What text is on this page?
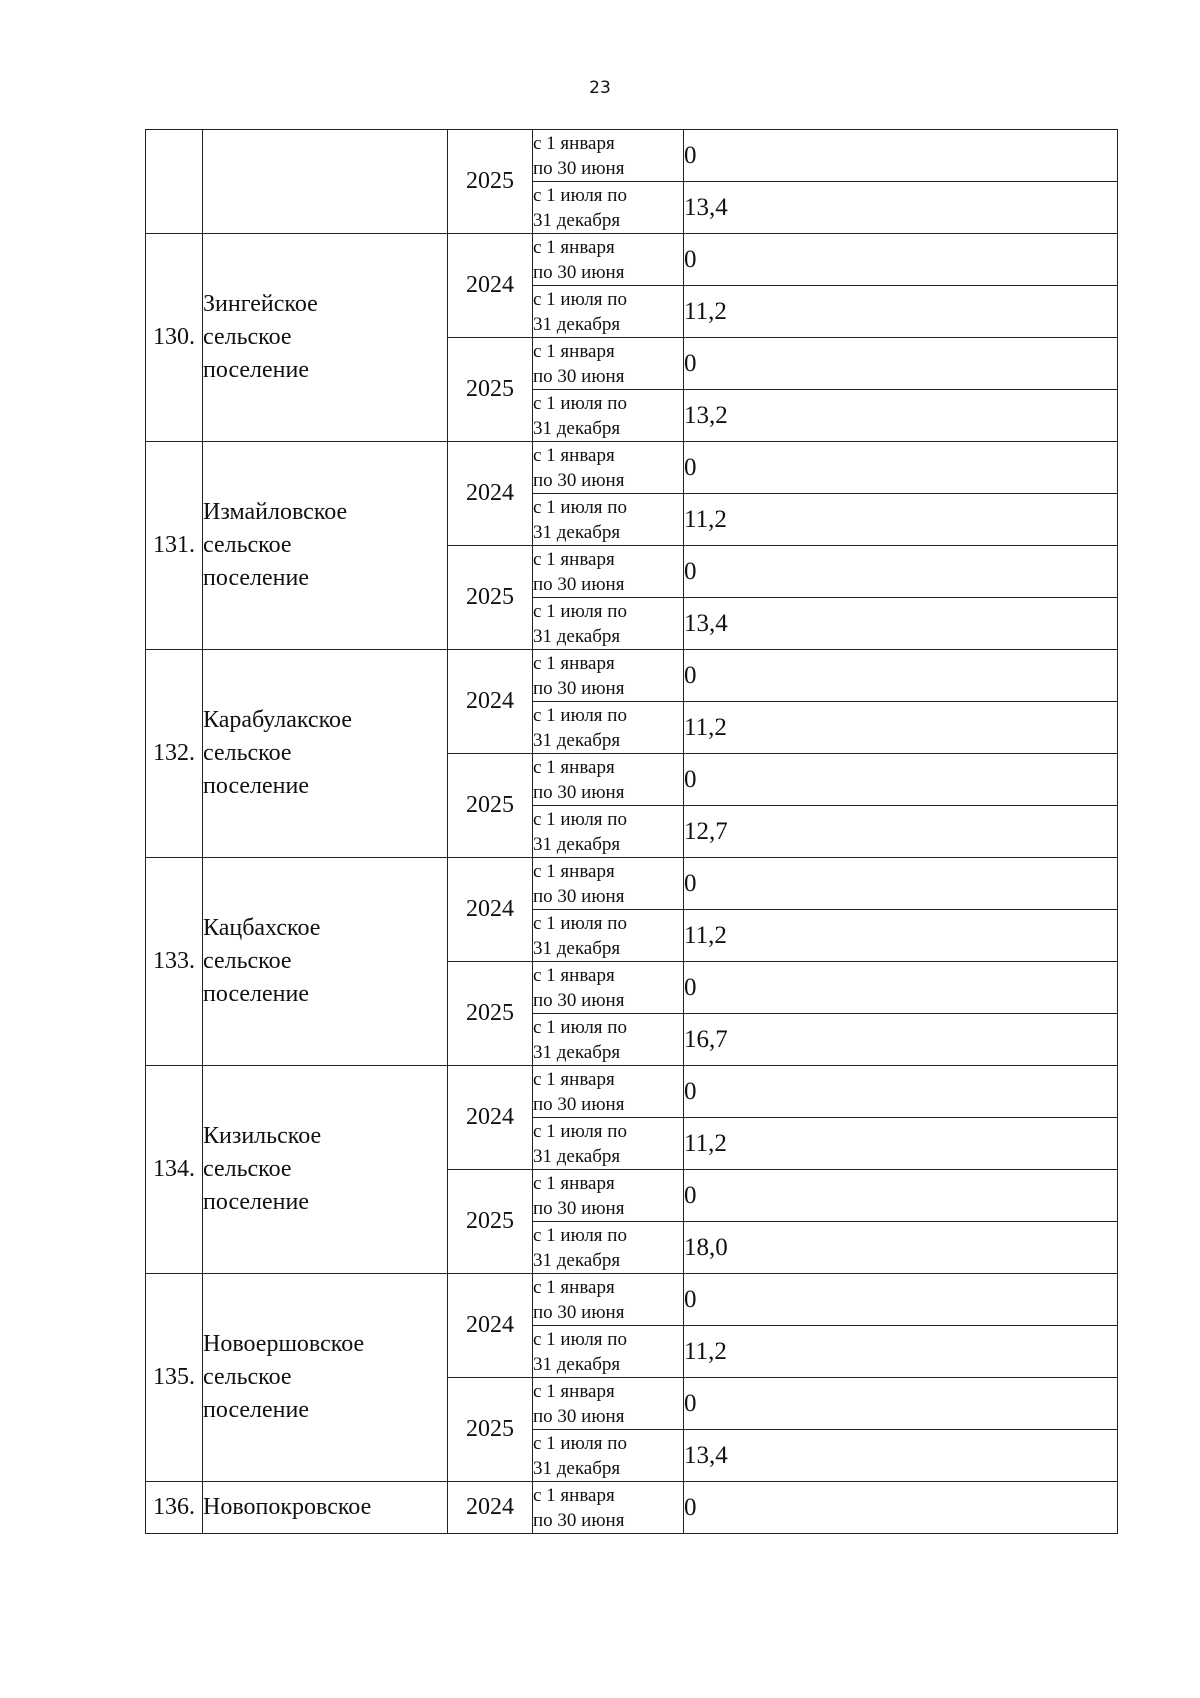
23
		2025	с 1 января
по 30 июня	0

			с 1 июля по
31 декабря	13,4
130.	Зингейское
сельское
поселение	2024	с 1 января
по 30 июня	0

			с 1 июля по
31 декабря	11,2
		2025	с 1 января
по 30 июня	0

			с 1 июля по
31 декабря	13,2
131.	Измайловское
сельское
поселение	2024	с 1 января
по 30 июня	0

			с 1 июля по
31 декабря	11,2
		2025	с 1 января
по 30 июня	0

			с 1 июля по
31 декабря	13,4
132.	Карабулакское
сельское
поселение	2024	с 1 января
по 30 июня	0

			с 1 июля по
31 декабря	11,2
		2025	с 1 января
по 30 июня	0

			с 1 июля по
31 декабря	12,7
133.	Кацбахское
сельское
поселение	2024	с 1 января
по 30 июня	0

			с 1 июля по
31 декабря	11,2
		2025	с 1 января
по 30 июня	0

			с 1 июля по
31 декабря	16,7
134.	Кизильское
сельское
поселение	2024	с 1 января
по 30 июня	0

			с 1 июля по
31 декабря	11,2
		2025	с 1 января
по 30 июня	0

			с 1 июля по
31 декабря	18,0
135.	Новоершовское
сельское
поселение	2024	с 1 января
по 30 июня	0

			с 1 июля по
31 декабря	11,2
		2025	с 1 января
по 30 июня	0

			с 1 июля по
31 декабря	13,4
136.	Новопокровское	2024	с 1 января
по 30 июня	0
